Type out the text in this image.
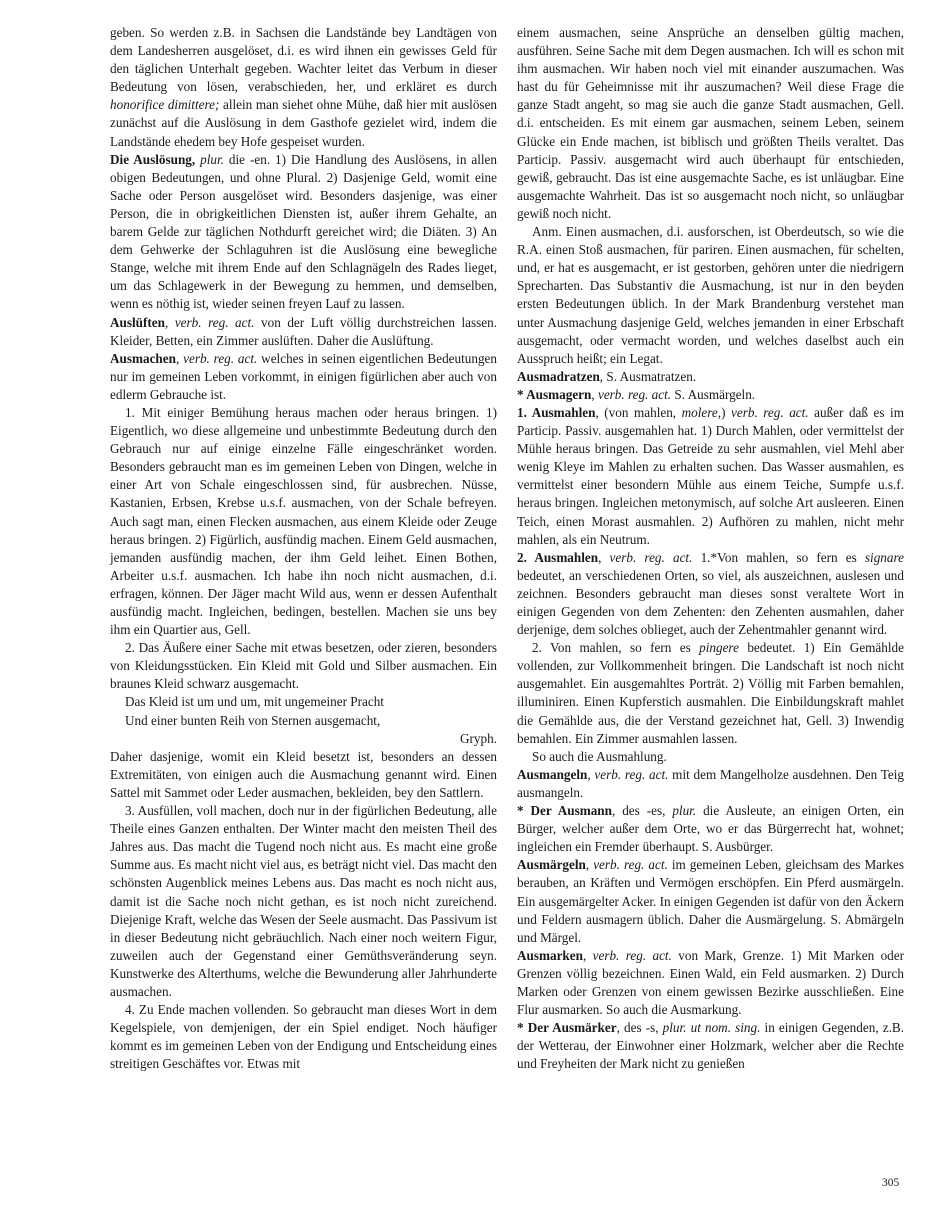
geben. So werden z.B. in Sachsen die Landstände bey Landtägen von dem Landesherren ausgelöset, d.i. es wird ihnen ein gewisses Geld für den täglichen Unterhalt gegeben. Wachter leitet das Verbum in dieser Bedeutung von lösen, verabschieden, her, und erkläret es durch honorifice dimittere; allein man siehet ohne Mühe, daß hier mit auslösen zunächst auf die Auslösung in dem Gasthofe gezielet wird, indem die Landstände ehedem bey Hofe gespeiset wurden.

Die Auslösung, plur. die -en. 1) Die Handlung des Auslösens, in allen obigen Bedeutungen, und ohne Plural. 2) Dasjenige Geld, womit eine Sache oder Person ausgelöset wird. Besonders dasjenige, was einer Person, die in obrigkeitlichen Diensten ist, außer ihrem Gehalte, an barem Gelde zur täglichen Nothdurft gereichet wird; die Diäten. 3) An dem Gehwerke der Schlaguhren ist die Auslösung eine bewegliche Stange, welche mit ihrem Ende auf den Schlagnägeln des Rades lieget, um das Schlagewerk in der Bewegung zu hemmen, und demselben, wenn es nöthig ist, wieder seinen freyen Lauf zu lassen.

Auslüften, verb. reg. act. von der Luft völlig durchstreichen lassen. Kleider, Betten, ein Zimmer auslüften. Daher die Auslüftung.

Ausmachen, verb. reg. act. welches in seinen eigentlichen Bedeutungen nur im gemeinen Leben vorkommt, in einigen figürlichen aber auch von edlerm Gebrauche ist.

1. Mit einiger Bemühung heraus machen oder heraus bringen. 1) Eigentlich, wo diese allgemeine und unbestimmte Bedeutung durch den Gebrauch nur auf einige einzelne Fälle eingeschränket worden. Besonders gebraucht man es im gemeinen Leben von Dingen, welche in einer Art von Schale eingeschlossen sind, für ausbrechen. Nüsse, Kastanien, Erbsen, Krebse u.s.f. ausmachen, von der Schale befreyen. Auch sagt man, einen Flecken ausmachen, aus einem Kleide oder Zeuge heraus bringen. 2) Figürlich, ausfündig machen. Einem Geld ausmachen, jemanden ausfündig machen, der ihm Geld leihet. Einen Bothen, Arbeiter u.s.f. ausmachen. Ich habe ihn noch nicht ausmachen, d.i. erfragen, können. Der Jäger macht Wild aus, wenn er dessen Aufenthalt ausfündig macht. Ingleichen, bedingen, bestellen. Machen sie uns bey ihm ein Quartier aus, Gell.

2. Das Äußere einer Sache mit etwas besetzen, oder zieren, besonders von Kleidungsstücken. Ein Kleid mit Gold und Silber ausmachen. Ein braunes Kleid schwarz ausgemacht.

Das Kleid ist um und um, mit ungemeiner Pracht

Und einer bunten Reih von Sternen ausgemacht,

Gryph.

Daher dasjenige, womit ein Kleid besetzt ist, besonders an dessen Extremitäten, von einigen auch die Ausmachung genannt wird. Einen Sattel mit Sammet oder Leder ausmachen, bekleiden, bey den Sattlern.

3. Ausfüllen, voll machen, doch nur in der figürlichen Bedeutung, alle Theile eines Ganzen enthalten. Der Winter macht den meisten Theil des Jahres aus. Das macht die Tugend noch nicht aus. Es macht eine große Summe aus. Es macht nicht viel aus, es beträgt nicht viel. Das macht den schönsten Augenblick meines Lebens aus. Das macht es noch nicht aus, damit ist die Sache noch nicht gethan, es ist noch nicht zureichend. Diejenige Kraft, welche das Wesen der Seele ausmacht. Das Passivum ist in dieser Bedeutung nicht gebräuchlich. Nach einer noch weitern Figur, zuweilen auch der Gegenstand einer Gemüthsveränderung seyn. Kunstwerke des Alterthums, welche die Bewunderung aller Jahrhunderte ausmachen.

4. Zu Ende machen vollenden. So gebraucht man dieses Wort in dem Kegelspiele, von demjenigen, der ein Spiel endiget. Noch häufiger kommt es im gemeinen Leben von der Endigung und Entscheidung eines streitigen Geschäftes vor. Etwas mit

einem ausmachen, seine Ansprüche an denselben gültig machen, ausführen. Seine Sache mit dem Degen ausmachen. Ich will es schon mit ihm ausmachen. Wir haben noch viel mit einander auszumachen. Was hast du für Geheimnisse mit ihr auszumachen? Weil diese Frage die ganze Stadt angeht, so mag sie auch die ganze Stadt ausmachen, Gell. d.i. entscheiden. Es mit einem gar ausmachen, seinem Leben, seinem Glücke ein Ende machen, ist biblisch und größten Theils veraltet. Das Particip. Passiv. ausgemacht wird auch überhaupt für entschieden, gewiß, gebraucht. Das ist eine ausgemachte Sache, es ist unläugbar. Eine ausgemachte Wahrheit. Das ist so ausgemacht noch nicht, so unläugbar gewiß noch nicht.

Anm. Einen ausmachen, d.i. ausforschen, ist Oberdeutsch, so wie die R.A. einen Stoß ausmachen, für pariren. Einen ausmachen, für schelten, und, er hat es ausgemacht, er ist gestorben, gehören unter die niedrigern Sprecharten. Das Substantiv die Ausmachung, ist nur in den beyden ersten Bedeutungen üblich. In der Mark Brandenburg verstehet man unter Ausmachung dasjenige Geld, welches jemanden in einer Erbschaft ausgemacht, oder vermacht worden, und welches daselbst auch ein Ausspruch heißt; ein Legat.

Ausmadratzen, S. Ausmatratzen.

* Ausmagern, verb. reg. act. S. Ausmärgeln.

1. Ausmahlen, (von mahlen, molere,) verb. reg. act. außer daß es im Particip. Passiv. ausgemahlen hat. 1) Durch Mahlen, oder vermittelst der Mühle heraus bringen. Das Getreide zu sehr ausmahlen, viel Mehl aber wenig Kleye im Mahlen zu erhalten suchen. Das Wasser ausmahlen, es vermittelst einer besondern Mühle aus einem Teiche, Sumpfe u.s.f. heraus bringen. Ingleichen metonymisch, auf solche Art ausleeren. Einen Teich, einen Morast ausmahlen. 2) Aufhören zu mahlen, nicht mehr mahlen, als ein Neutrum.

2. Ausmahlen, verb. reg. act. 1.*Von mahlen, so fern es signare bedeutet, an verschiedenen Orten, so viel, als auszeichnen, auslesen und zeichnen. Besonders gebraucht man dieses sonst veraltete Wort in einigen Gegenden von dem Zehenten: den Zehenten ausmahlen, daher derjenige, dem solches oblieget, auch der Zehentmahler genannt wird.

2. Von mahlen, so fern es pingere bedeutet. 1) Ein Gemählde vollenden, zur Vollkommenheit bringen. Die Landschaft ist noch nicht ausgemahlet. Ein ausgemahltes Porträt. 2) Völlig mit Farben bemahlen, illuminiren. Einen Kupferstich ausmahlen. Die Einbildungskraft mahlet die Gemählde aus, die der Verstand gezeichnet hat, Gell. 3) Inwendig bemahlen. Ein Zimmer ausmahlen lassen.

So auch die Ausmahlung.

Ausmangeln, verb. reg. act. mit dem Mangelholze ausdehnen. Den Teig ausmangeln.

* Der Ausmann, des -es, plur. die Ausleute, an einigen Orten, ein Bürger, welcher außer dem Orte, wo er das Bürgerrecht hat, wohnet; ingleichen ein Fremder überhaupt. S. Ausbürger.

Ausmärgeln, verb. reg. act. im gemeinen Leben, gleichsam des Markes berauben, an Kräften und Vermögen erschöpfen. Ein Pferd ausmärgeln. Ein ausgemärgelter Acker. In einigen Gegenden ist dafür von den Äckern und Feldern ausmagern üblich. Daher die Ausmärgelung. S. Abmärgeln und Märgel.

Ausmarken, verb. reg. act. von Mark, Grenze. 1) Mit Marken oder Grenzen völlig bezeichnen. Einen Wald, ein Feld ausmarken. 2) Durch Marken oder Grenzen von einem gewissen Bezirke ausschließen. Eine Flur ausmarken. So auch die Ausmarkung.

* Der Ausmärker, des -s, plur. ut nom. sing. in einigen Gegenden, z.B. der Wetterau, der Einwohner einer Holzmark, welcher aber die Rechte und Freyheiten der Mark nicht zu genießen

305
